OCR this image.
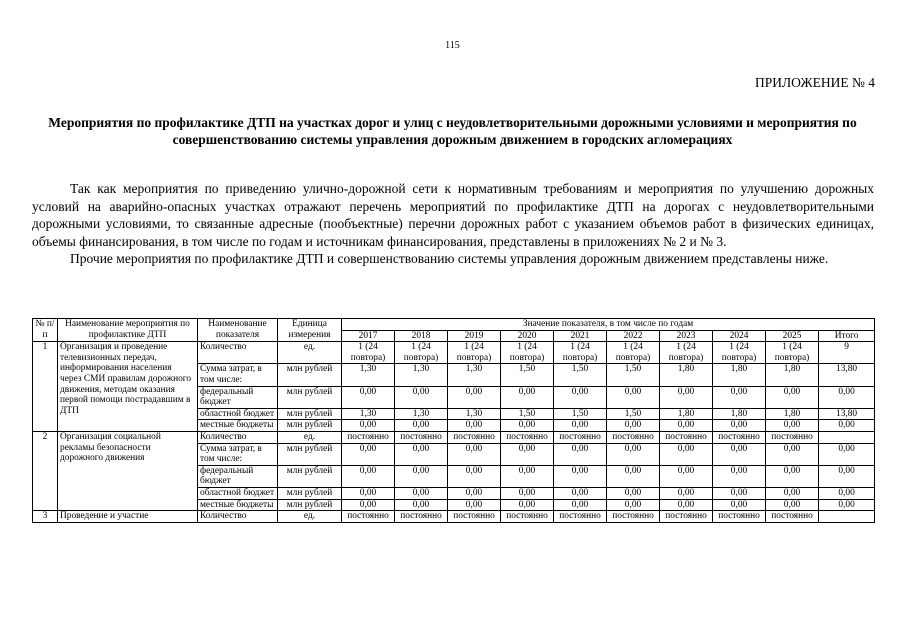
115
ПРИЛОЖЕНИЕ № 4
Мероприятия по профилактике ДТП на участках дорог и улиц с неудовлетворительными дорожными условиями и мероприятия по совершенствованию системы управления дорожным движением в городских агломерациях

Так как мероприятия по приведению улично-дорожной сети к нормативным требованиям и мероприятия по улучшению дорожных условий на аварийно-опасных участках отражают перечень мероприятий по профилактике ДТП на дорогах с неудовлетворительными дорожными условиями, то связанные адресные (пообъектные) перечни дорожных работ с указанием объемов работ в физических единицах, объемы финансирования, в том числе по годам и источникам финансирования, представлены в приложениях № 2 и № 3.

Прочие мероприятия по профилактике ДТП и совершенствованию системы управления дорожным движением представлены ниже.

№ п/п	Наименование мероприятия по профилактике ДТП	Наименование показателя	Единица измерения	Значение показателя, в том числе по годам									
				2017	2018	2019	2020	2021	2022	2023	2024	2025	Итого
1	Организация и проведение телевизионных передач, информирования населения через СМИ правилам дорожного движения, методам оказания первой помощи пострадавшим в ДТП	Количество	ед.	1 (24 повтора)	1 (24 повтора)	1 (24 повтора)	1 (24 повтора)	1 (24 повтора)	1 (24 повтора)	1 (24 повтора)	1 (24 повтора)	1 (24 повтора)	9
		Сумма затрат, в том числе:	млн рублей	1,30	1,30	1,30	1,50	1,50	1,50	1,80	1,80	1,80	13,80
		федеральный бюджет	млн рублей	0,00	0,00	0,00	0,00	0,00	0,00	0,00	0,00	0,00	0,00
		областной бюджет	млн рублей	1,30	1,30	1,30	1,50	1,50	1,50	1,80	1,80	1,80	13,80
		местные бюджеты	млн рублей	0,00	0,00	0,00	0,00	0,00	0,00	0,00	0,00	0,00	0,00
2	Организация социальной рекламы безопасности дорожного движения	Количество	ед.	постоянно	постоянно	постоянно	постоянно	постоянно	постоянно	постоянно	постоянно	постоянно	
		Сумма затрат, в том числе:	млн рублей	0,00	0,00	0,00	0,00	0,00	0,00	0,00	0,00	0,00	0,00
		федеральный бюджет	млн рублей	0,00	0,00	0,00	0,00	0,00	0,00	0,00	0,00	0,00	0,00
		областной бюджет	млн рублей	0,00	0,00	0,00	0,00	0,00	0,00	0,00	0,00	0,00	0,00
		местные бюджеты	млн рублей	0,00	0,00	0,00	0,00	0,00	0,00	0,00	0,00	0,00	0,00
3	Проведение и участие	Количество	ед.	постоянно	постоянно	постоянно	постоянно	постоянно	постоянно	постоянно	постоянно	постоянно	
